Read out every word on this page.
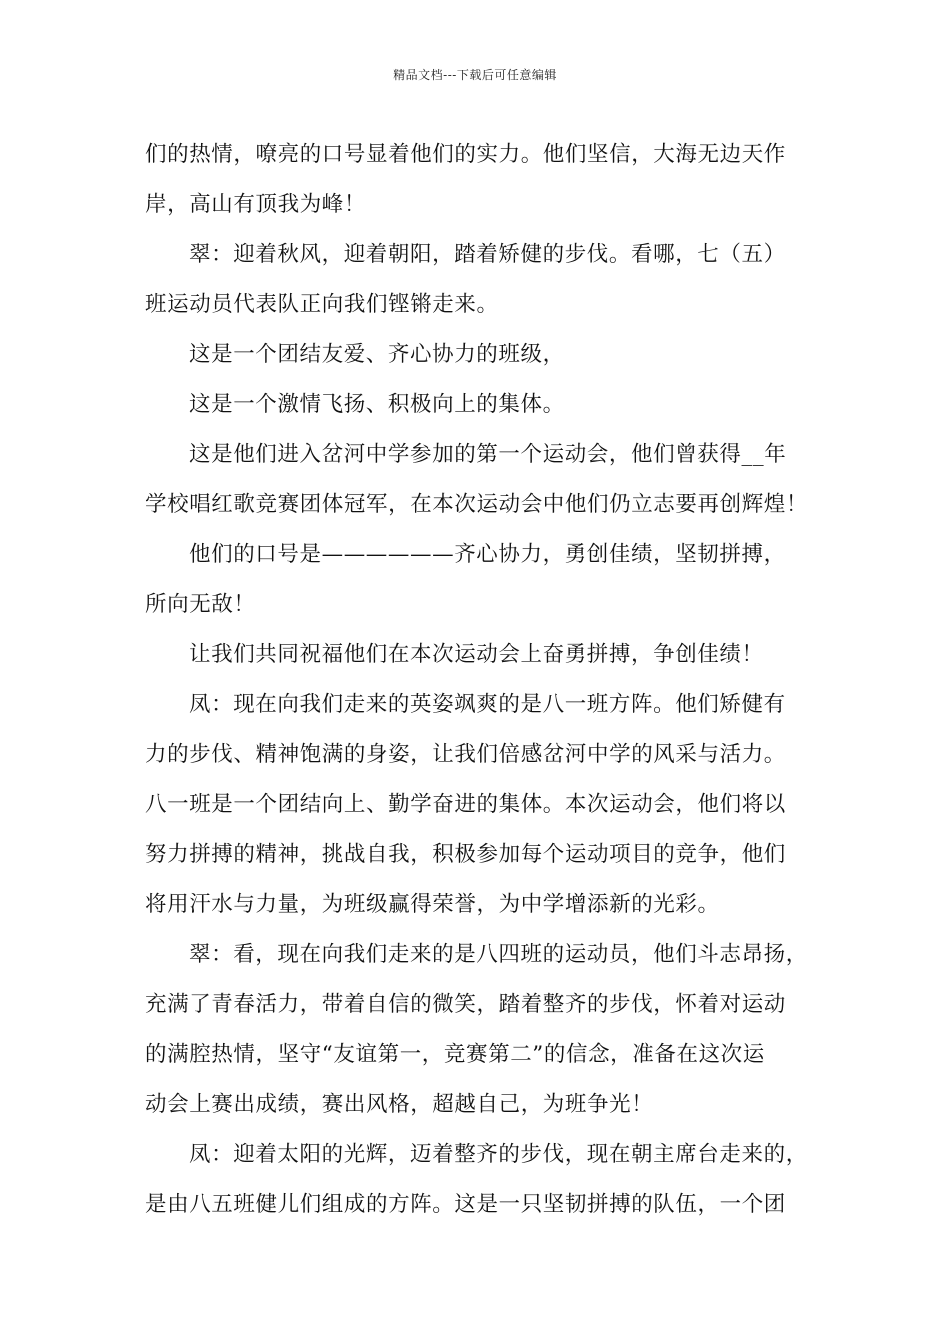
精品文档---下载后可任意编辑
们的热情，嘹亮的口号显着他们的实力。他们坚信，大海无边天作
岸，高山有顶我为峰！
翠：迎着秋风，迎着朝阳，踏着矫健的步伐。看哪，七（五）
班运动员代表队正向我们铿锵走来。
这是一个团结友爱、齐心协力的班级，
这是一个激情飞扬、积极向上的集体。
这是他们进入岔河中学参加的第一个运动会，他们曾获得__年
学校唱红歌竞赛团体冠军，在本次运动会中他们仍立志要再创辉煌！
他们的口号是——————齐心协力，勇创佳绩，坚韧拼搏，
所向无敌！
让我们共同祝福他们在本次运动会上奋勇拼搏，争创佳绩！
凤：现在向我们走来的英姿飒爽的是八一班方阵。他们矫健有
力的步伐、精神饱满的身姿，让我们倍感岔河中学的风采与活力。
八一班是一个团结向上、勤学奋进的集体。本次运动会，他们将以
努力拼搏的精神，挑战自我，积极参加每个运动项目的竞争，他们
将用汗水与力量，为班级赢得荣誉，为中学增添新的光彩。
翠：看，现在向我们走来的是八四班的运动员，他们斗志昂扬，
充满了青春活力，带着自信的微笑，踏着整齐的步伐，怀着对运动
的满腔热情，坚守“友谊第一，竞赛第二”的信念，准备在这次运
动会上赛出成绩，赛出风格，超越自己，为班争光！
凤：迎着太阳的光辉，迈着整齐的步伐，现在朝主席台走来的，
是由八五班健儿们组成的方阵。这是一只坚韧拼搏的队伍，一个团
